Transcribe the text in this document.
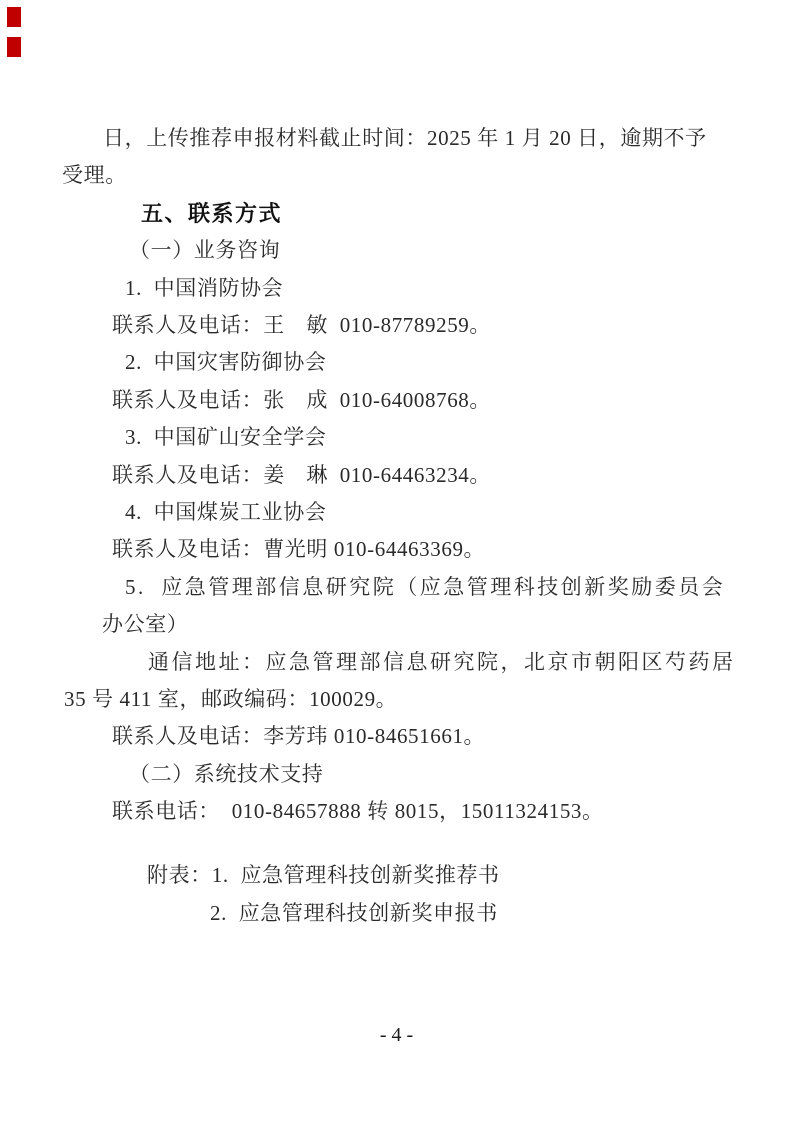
日，上传推荐申报材料截止时间：2025 年 1 月 20 日，逾期不予
受理。
五、联系方式
（一）业务咨询
1.  中国消防协会
联系人及电话：王　敏  010-87789259。
2.  中国灾害防御协会
联系人及电话：张　成  010-64008768。
3.  中国矿山安全学会
联系人及电话：姜　琳  010-64463234。
4.  中国煤炭工业协会
联系人及电话：曹光明 010-64463369。
5.  应急管理部信息研究院（应急管理科技创新奖励委员会
办公室）
通信地址：应急管理部信息研究院，北京市朝阳区芍药居
35 号 411 室，邮政编码：100029。
联系人及电话：李芳玮 010-84651661。
（二）系统技术支持
联系电话：  010-84657888 转 8015，15011324153。
附表：1.  应急管理科技创新奖推荐书
2.  应急管理科技创新奖申报书
- 4 -
